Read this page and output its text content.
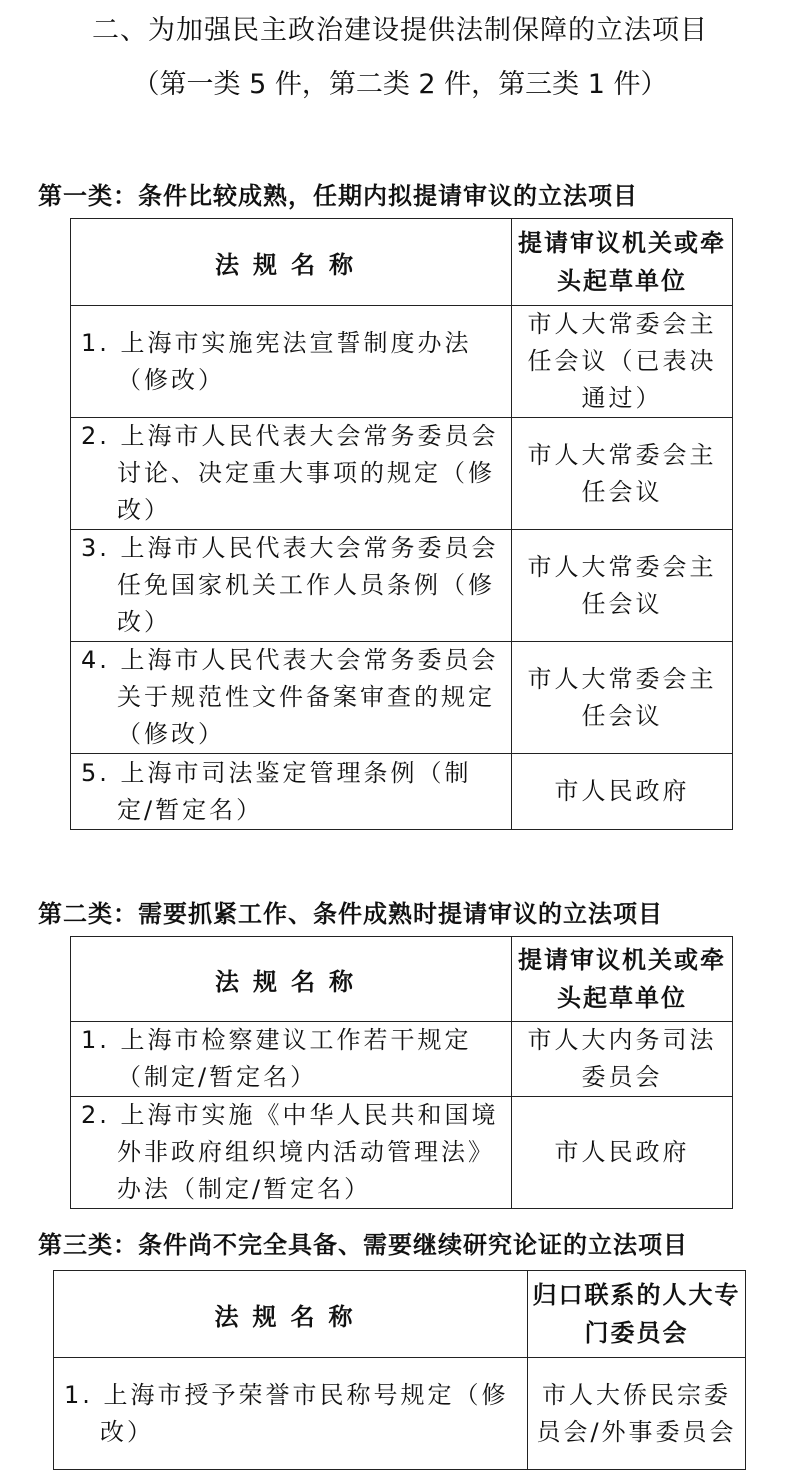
二、为加强民主政治建设提供法制保障的立法项目
（第一类 5 件，第二类 2 件，第三类 1 件）
第一类：条件比较成熟，任期内拟提请审议的立法项目
法规名称	提请审议机关或牵头起草单位

1. 上海市实施宪法宣誓制度办法（修改）	市人大常委会主任会议（已表决通过）

2. 上海市人民代表大会常务委员会讨论、决定重大事项的规定（修改）	市人大常委会主任会议

3. 上海市人民代表大会常务委员会任免国家机关工作人员条例（修改）	市人大常委会主任会议

4. 上海市人民代表大会常务委员会关于规范性文件备案审查的规定（修改）	市人大常委会主任会议

5. 上海市司法鉴定管理条例（制定/暂定名）	市人民政府
第二类：需要抓紧工作、条件成熟时提请审议的立法项目
法规名称	提请审议机关或牵头起草单位

1. 上海市检察建议工作若干规定（制定/暂定名）	市人大内务司法委员会

2. 上海市实施《中华人民共和国境外非政府组织境内活动管理法》办法（制定/暂定名）	市人民政府
第三类：条件尚不完全具备、需要继续研究论证的立法项目
法规名称	归口联系的人大专门委员会

1. 上海市授予荣誉市民称号规定（修改）	市人大侨民宗委员会/外事委员会
